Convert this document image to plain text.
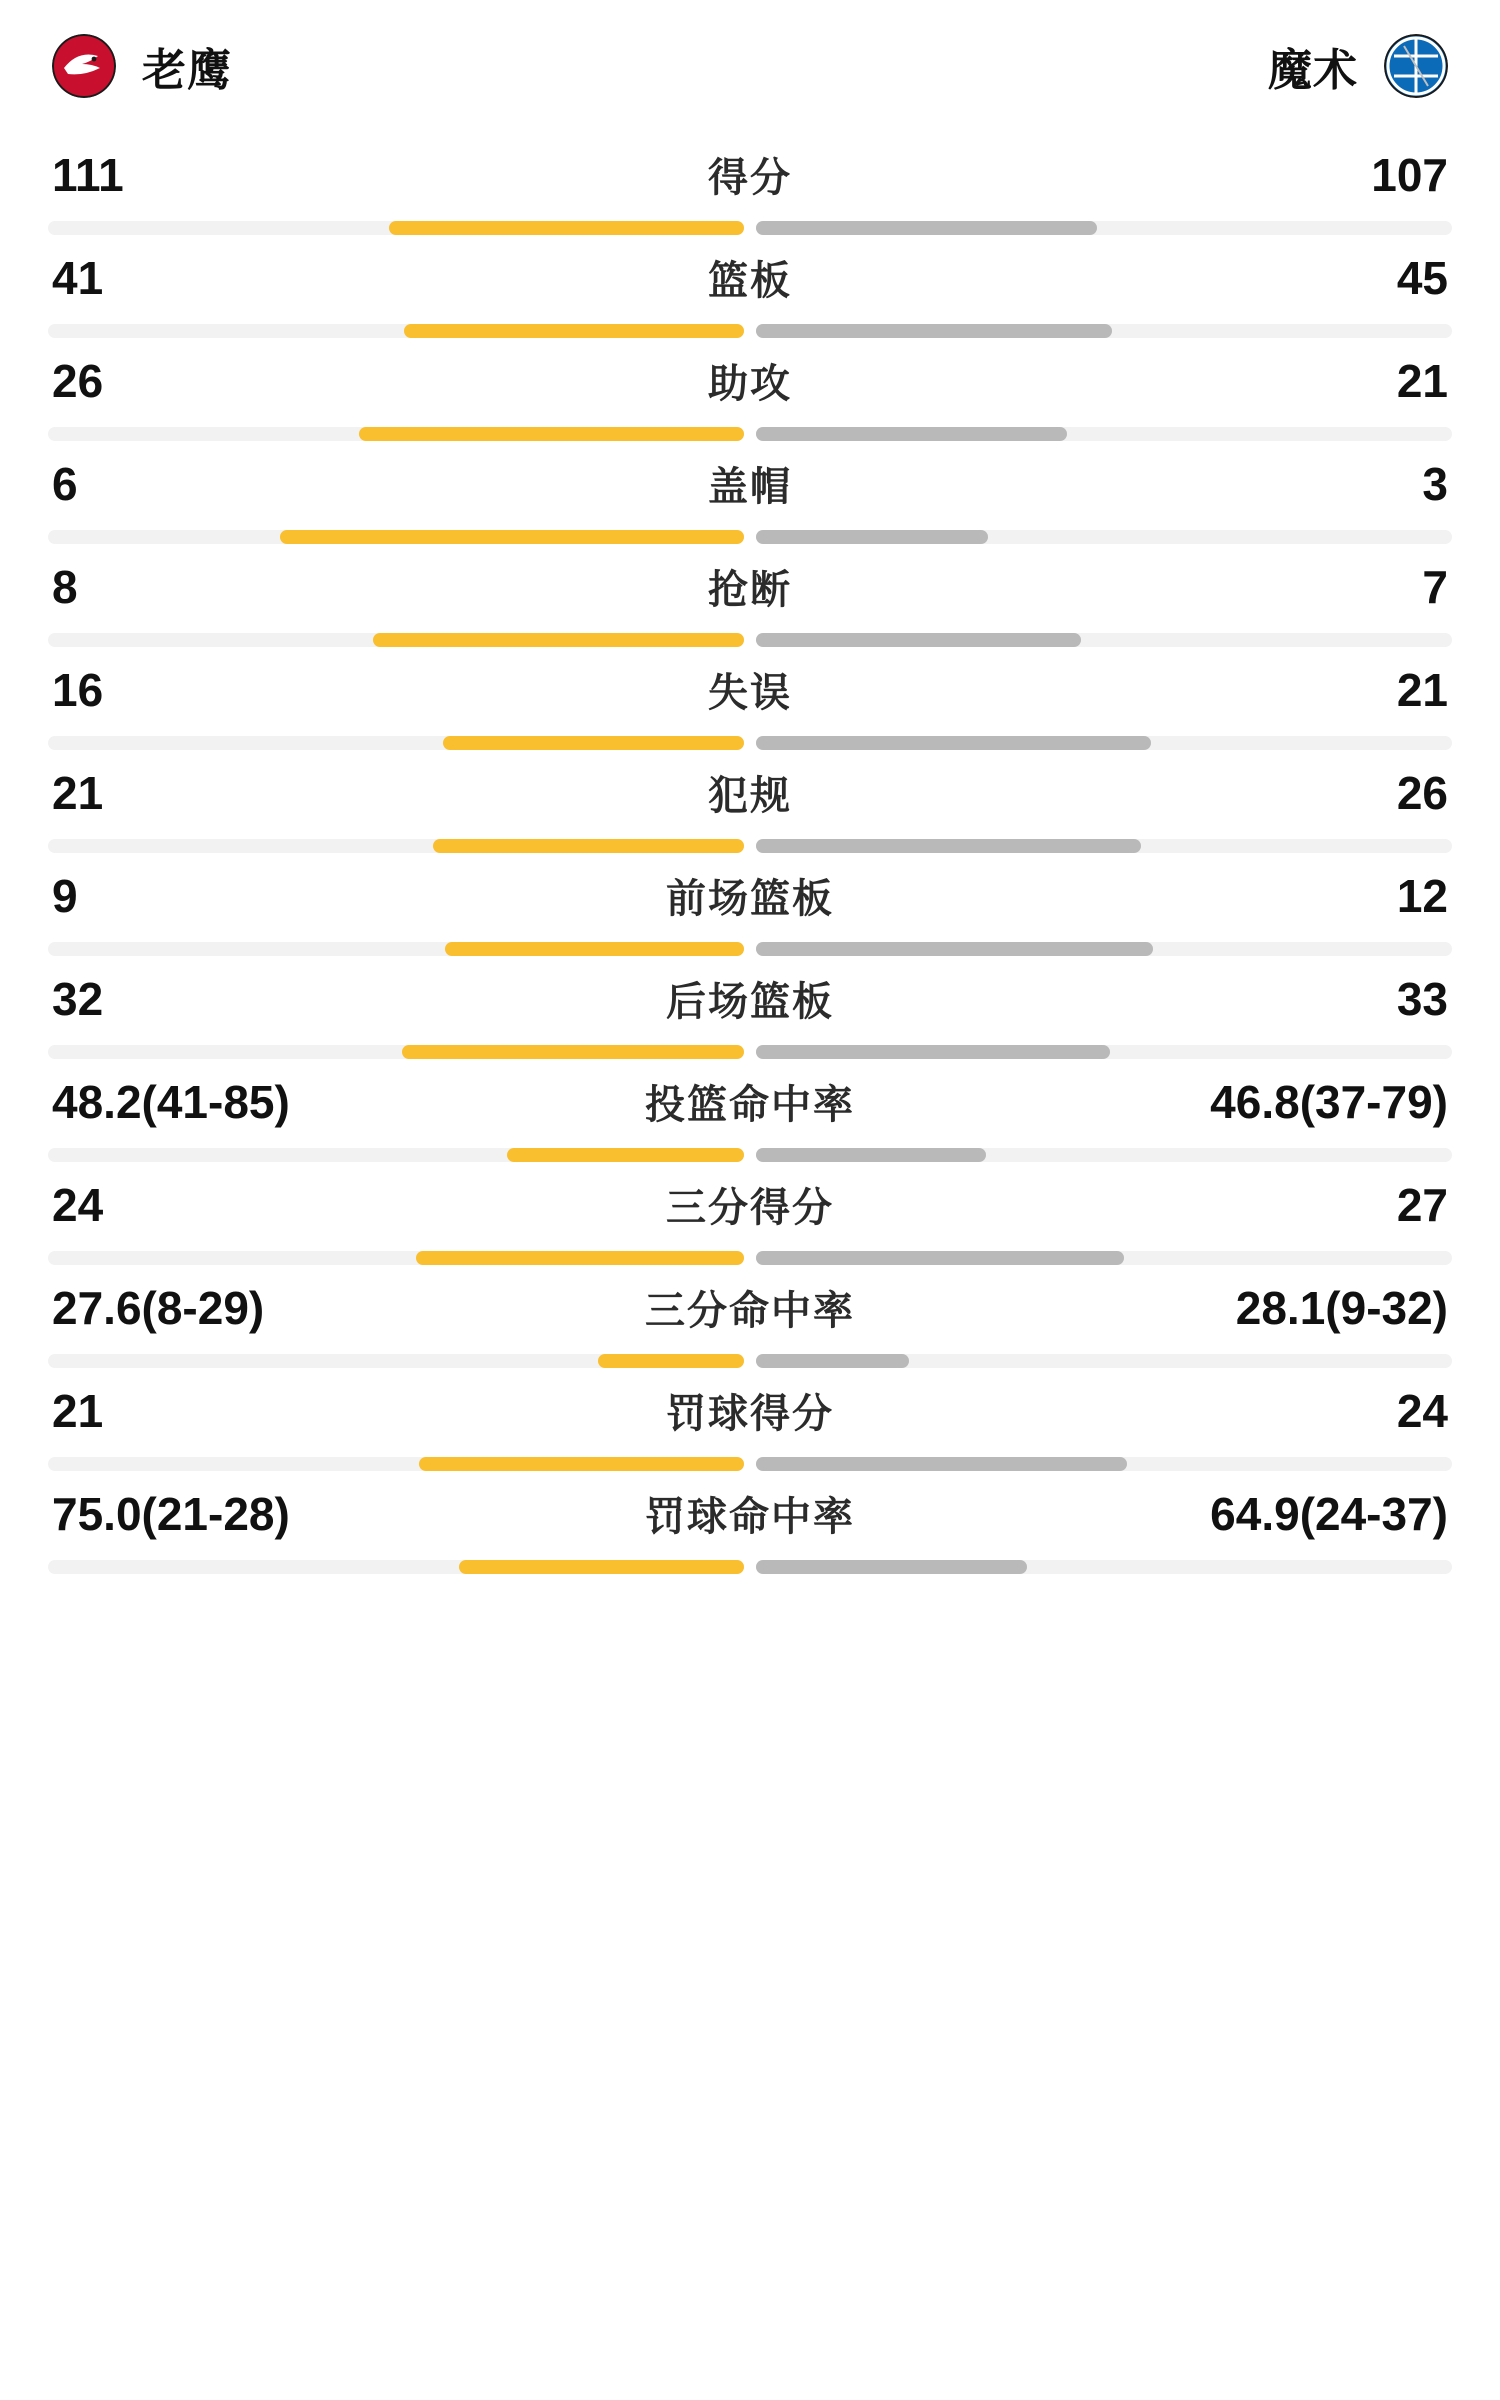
老鹰	魔术
111	得分	107
41	篮板	45
26	助攻	21
6	盖帽	3
8	抢断	7
16	失误	21
21	犯规	26
9	前场篮板	12
32	后场篮板	33
48.2(41-85)	投篮命中率	46.8(37-79)
24	三分得分	27
27.6(8-29)	三分命中率	28.1(9-32)
21	罚球得分	24
75.0(21-28)	罚球命中率	64.9(24-37)
